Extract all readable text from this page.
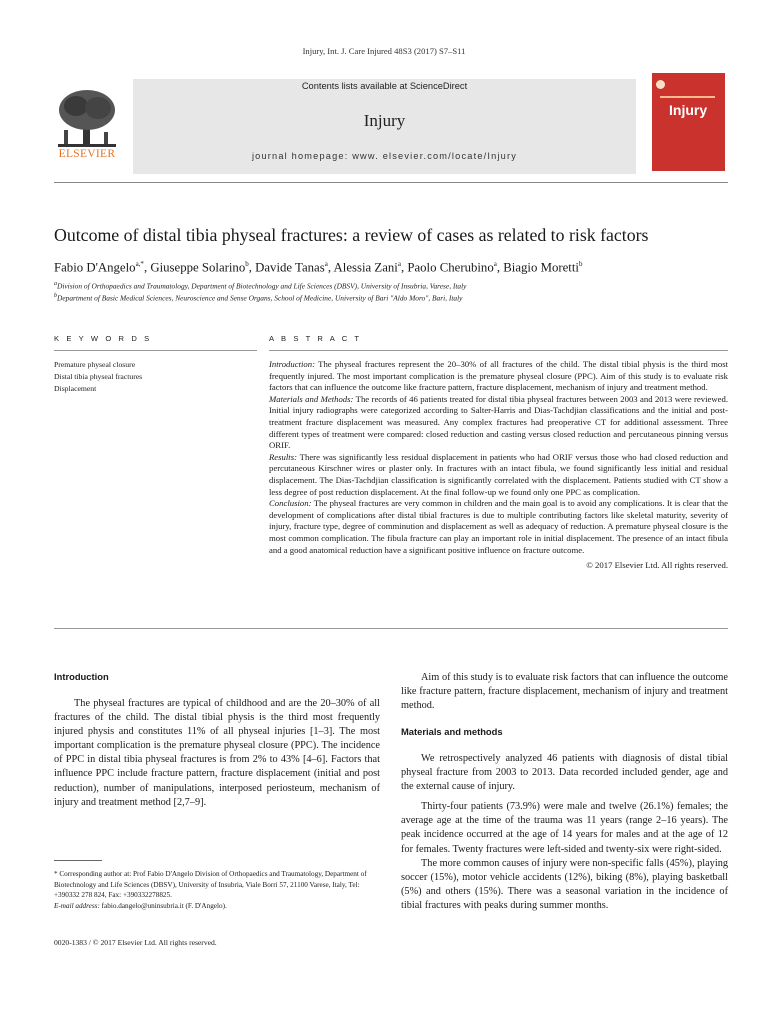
Injury, Int. J. Care Injured 48S3 (2017) S7–S11
ELSEVIER
Contents lists available at ScienceDirect
Injury
journal homepage: www. elsevier.com/locate/Injury
Injury
Outcome of distal tibia physeal fractures: a review of cases as related to risk factors
Fabio D'Angelo$^{a,*}$, Giuseppe Solarino$^b$, Davide Tanas$^a$, Alessia Zani$^a$, Paolo Cherubino$^a$, Biagio Moretti$^b$
$^a$Division of Orthopaedics and Traumatology, Department of Biotechnology and Life Sciences (DBSV), University of Insubria, Varese, Italy
$^b$Department of Basic Medical Sciences, Neuroscience and Sense Organs, School of Medicine, University of Bari "Aldo Moro", Bari, Italy
K E Y W O R D S
Premature physeal closure
Distal tibia physeal fractures
Displacement
A B S T R A C T

Introduction: The physeal fractures represent the 20–30% of all fractures of the child. The distal tibial physis is the third most frequently injured. The most important complication is the premature physeal closure (PPC). Aim of this study is to evaluate risk factors that can influence the outcome like fracture pattern, fracture displacement, mechanism of injury and treatment method.

Materials and Methods: The records of 46 patients treated for distal tibia physeal fractures between 2003 and 2013 were reviewed. Initial injury radiographs were categorized according to Salter-Harris and Dias-Tachdjian classifications and the initial and post-treatment fracture displacement was measured. Any complex fractures had preoperative CT for additional assessment. Three different types of treatment were compared: closed reduction and casting versus closed reduction and percutaneous pinning versus ORIF.

Results: There was significantly less residual displacement in patients who had ORIF versus those who had closed reduction and percutaneous Kirschner wires or plaster only. In fractures with an intact fibula, we found significantly less initial and residual displacement. The Dias-Tachdjian classification is significantly correlated with the displacement. Patients studied with CT show a less degree of post reduction displacement. At the final follow-up we found only one PPC as complication.

Conclusion: The physeal fractures are very common in children and the main goal is to avoid any complications. It is clear that the development of complications after distal tibial fractures is due to multiple contributing factors like skeletal maturity, severity of injury, fracture type, degree of comminution and displacement as well as adequacy of reduction. A premature physeal closure is the most common complication. The fibula fracture can play an important role in initial displacement. The presence of an intact fibula and a good anatomical reduction have a significant positive influence on fracture outcome.

© 2017 Elsevier Ltd. All rights reserved.

Introduction

The physeal fractures are typical of childhood and are the 20–30% of all fractures of the child. The distal tibial physis is the third most frequently injured physis and constitutes 11% of all physeal injuries [1–3]. The most important complication is the premature physeal closure (PPC). The incidence of PPC in distal tibia physeal fractures is from 2% to 43% [4–6]. Factors that influence PPC include fracture pattern, fracture displacement (initial and post reduction), number of manipulations, interposed periosteum, mechanism of injury and treatment method [2,7–9].

* Corresponding author at: Prof Fabio D'Angelo Division of Orthopaedics and Traumatology, Department of Biotechnology and Life Sciences (DBSV), University of Insubria, Viale Borri 57, 21100 Varese, Italy, Tel: +390332 278 824, Fax: +390332278825.
E-mail address: fabio.dangelo@uninsubria.it (F. D'Angelo).
0020-1383 / © 2017 Elsevier Ltd. All rights reserved.

Aim of this study is to evaluate risk factors that can influence the outcome like fracture pattern, fracture displacement, mechanism of injury and treatment method.

Materials and methods

We retrospectively analyzed 46 patients with diagnosis of distal tibial physeal fracture from 2003 to 2013. Data recorded included gender, age and the external cause of injury.

Thirty-four patients (73.9%) were male and twelve (26.1%) females; the average age at the time of the trauma was 11 years (range 2–16 years). The peak incidence occurred at the age of 14 years for males and at the age of 12 for females. Twenty fractures were left-sided and twenty-six were right-sided.

The more common causes of injury were non-specific falls (45%), playing soccer (15%), motor vehicle accidents (12%), biking (8%), playing basketball (5%) and others (15%). There was a seasonal variation in the incidence of tibial fractures with peaks during summer months.
